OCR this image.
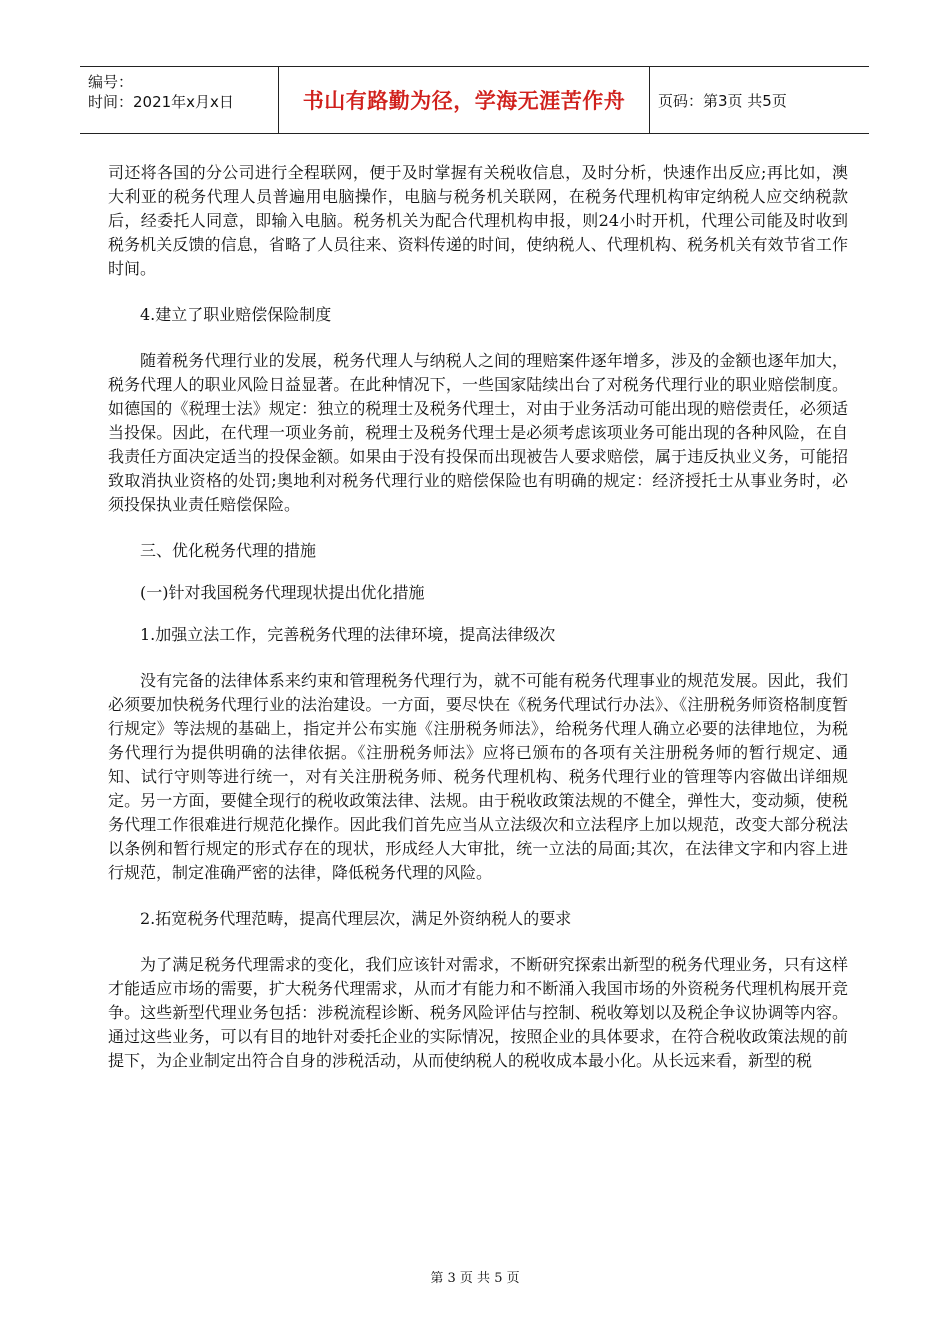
编号：
时间：2021年x月x日	书山有路勤为径，学海无涯苦作舟	页码：第3页 共5页

司还将各国的分公司进行全程联网，便于及时掌握有关税收信息，及时分析，快速作出反应;再比如，澳大利亚的税务代理人员普遍用电脑操作，电脑与税务机关联网，在税务代理机构审定纳税人应交纳税款后，经委托人同意，即输入电脑。税务机关为配合代理机构申报，则24小时开机，代理公司能及时收到税务机关反馈的信息，省略了人员往来、资料传递的时间，使纳税人、代理机构、税务机关有效节省工作时间。

4.建立了职业赔偿保险制度

随着税务代理行业的发展，税务代理人与纳税人之间的理赔案件逐年增多，涉及的金额也逐年加大，税务代理人的职业风险日益显著。在此种情况下，一些国家陆续出台了对税务代理行业的职业赔偿制度。如德国的《税理士法》规定：独立的税理士及税务代理士，对由于业务活动可能出现的赔偿责任，必须适当投保。因此，在代理一项业务前，税理士及税务代理士是必须考虑该项业务可能出现的各种风险，在自我责任方面决定适当的投保金额。如果由于没有投保而出现被告人要求赔偿，属于违反执业义务，可能招致取消执业资格的处罚;奥地利对税务代理行业的赔偿保险也有明确的规定：经济授托士从事业务时，必须投保执业责任赔偿保险。

三、优化税务代理的措施

(一)针对我国税务代理现状提出优化措施

1.加强立法工作，完善税务代理的法律环境，提高法律级次

没有完备的法律体系来约束和管理税务代理行为，就不可能有税务代理事业的规范发展。因此，我们必须要加快税务代理行业的法治建设。一方面，要尽快在《税务代理试行办法》、《注册税务师资格制度暂行规定》等法规的基础上，指定并公布实施《注册税务师法》，给税务代理人确立必要的法律地位，为税务代理行为提供明确的法律依据。《注册税务师法》应将已颁布的各项有关注册税务师的暂行规定、通知、试行守则等进行统一，对有关注册税务师、税务代理机构、税务代理行业的管理等内容做出详细规定。另一方面，要健全现行的税收政策法律、法规。由于税收政策法规的不健全，弹性大，变动频，使税务代理工作很难进行规范化操作。因此我们首先应当从立法级次和立法程序上加以规范，改变大部分税法以条例和暂行规定的形式存在的现状，形成经人大审批，统一立法的局面;其次，在法律文字和内容上进行规范，制定准确严密的法律，降低税务代理的风险。

2.拓宽税务代理范畴，提高代理层次，满足外资纳税人的要求

为了满足税务代理需求的变化，我们应该针对需求，不断研究探索出新型的税务代理业务，只有这样才能适应市场的需要，扩大税务代理需求，从而才有能力和不断涌入我国市场的外资税务代理机构展开竞争。这些新型代理业务包括：涉税流程诊断、税务风险评估与控制、税收筹划以及税企争议协调等内容。通过这些业务，可以有目的地针对委托企业的实际情况，按照企业的具体要求，在符合税收政策法规的前提下，为企业制定出符合自身的涉税活动，从而使纳税人的税收成本最小化。从长远来看，新型的税

第 3 页 共 5 页
